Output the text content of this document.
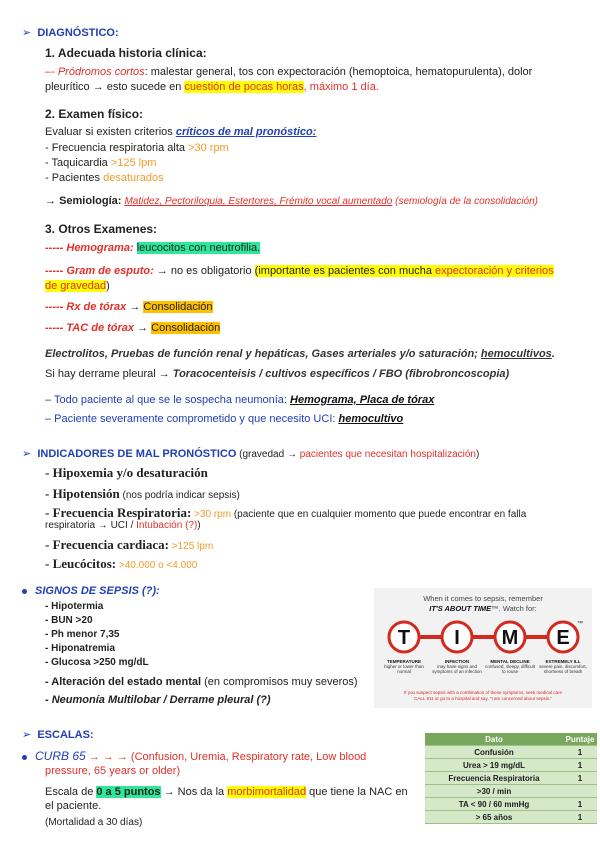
➢ DIAGNÓSTICO:
1. Adecuada historia clínica:
–- Pródromos cortos: malestar general, tos con expectoración (hemoptoica, hematopurulenta), dolor
pleurítico → esto sucede en cuestión de pocas horas, máximo 1 día.
2. Examen físico:
Evaluar si existen criterios críticos de mal pronóstico:
- Frecuencia respiratoria alta >30 rpm
- Taquicardia >125 lpm
- Pacientes desaturados
→ Semiología: Matidez, Pectoriloquia, Estertores, Frémito vocal aumentado (semiología de la consolidación)
3. Otros Examenes:
----- Hemograma: leucocitos con neutrofilia.
----- Gram de esputo: → no es obligatorio (importante es pacientes con mucha expectoración y criterios
de gravedad)
----- Rx de tórax → Consolidación
----- TAC de tórax → Consolidación
Electrolitos, Pruebas de función renal y hepáticas, Gases arteriales y/o saturación; hemocultivos.
Si hay derrame pleural → Toracocenteisis / cultivos específicos / FBO (fibrobroncoscopia)
– Todo paciente al que se le sospecha neumonía: Hemograma, Placa de tórax
– Paciente severamente comprometido y que necesito UCI: hemocultivo
➢ INDICADORES DE MAL PRONÓSTICO (gravedad → pacientes que necesitan hospitalización)
- Hipoxemia y/o desaturación
- Hipotensión (nos podría indicar sepsis)
- Frecuencia Respiratoria: >30 rpm (paciente que en cualquier momento que puede encontrar en falla
respiratoria → UCI / Intubación (?))
- Frecuencia cardiaca: >125 lpm
- Leucócitos: >40.000 o <4.000
SIGNOS DE SEPSIS (?):
- Hipotermia
- BUN >20
- Ph menor 7,35
- Hiponatremia
- Glucosa >250 mg/dL
- Alteración del estado mental (en compromisos muy severos)
- Neumonía Multilobar / Derrame pleural (?)
When it comes to sepsis, remember
IT'S ABOUT TIME™. Watch for:
T I M E
™
TEMPERATURE
higher or lower than normal
INFECTION
may have signs and symptoms of an infection
MENTAL DECLINE
confused, sleepy, difficult to rouse
EXTREMELY ILL
severe pain, discomfort, shortness of breath
If you suspect sepsis with a combination of these symptoms, seek medical care
CALL 911 or go to a hospital and say, "I am concerned about sepsis."
➢ ESCALAS:
CURB 65 → → → (Confusion, Uremia, Respiratory rate, Low blood
pressure, 65 years or older)
Escala de 0 a 5 puntos → Nos da la morbimortalidad que tiene la NAC en
el paciente.
(Mortalidad a 30 días)
Dato	Puntaje
Confusión	1
Urea > 19 mg/dL	1
Frecuencia Respiratoria	1
>30 / min	
TA < 90 / 60 mmHg	1
> 65 años	1
